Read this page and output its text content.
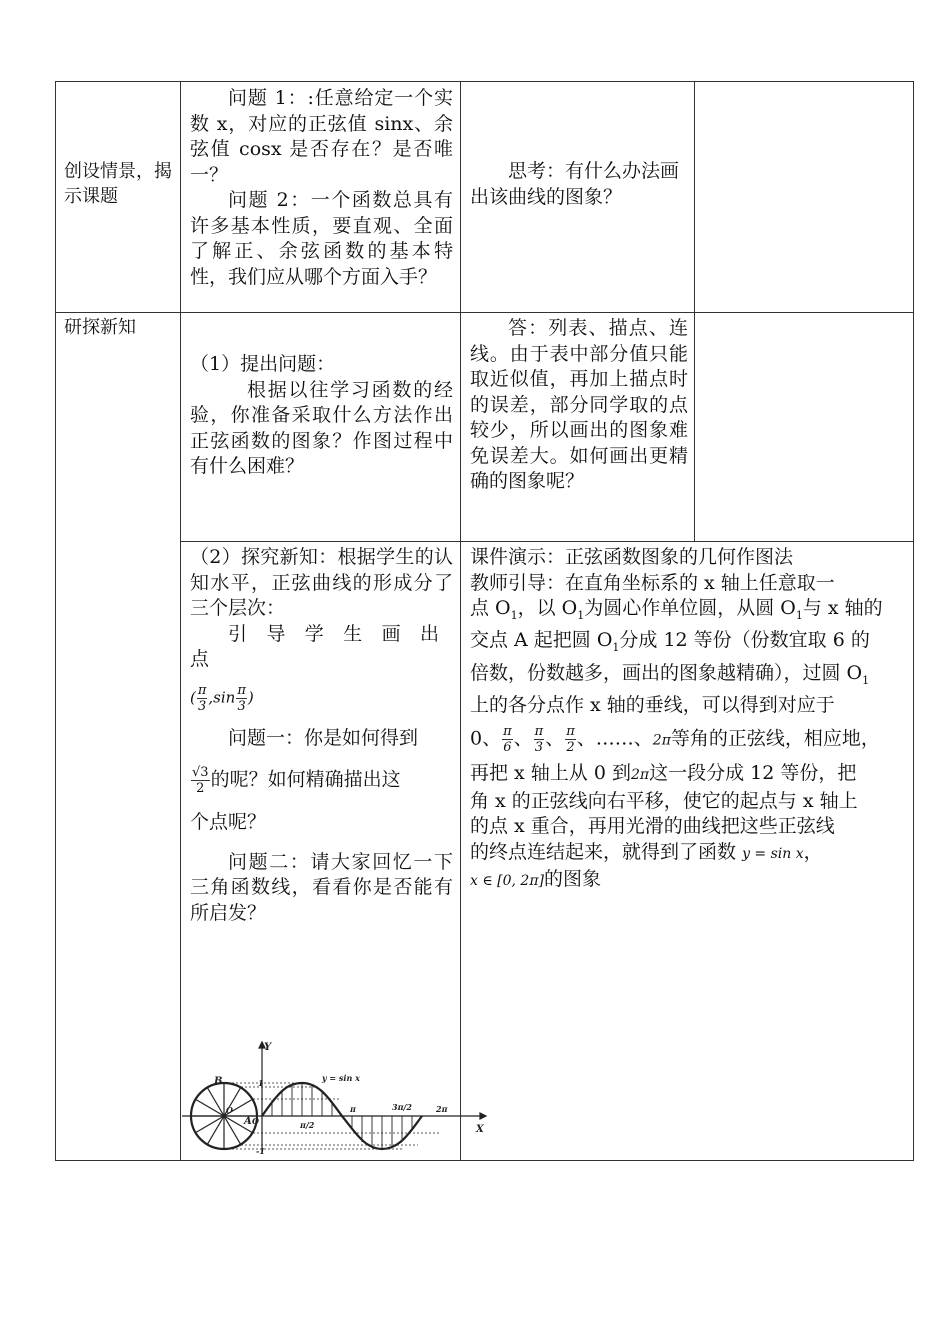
创设情景，揭示课题
问题 1：:任意给定一个实数 x，对应的正弦值 sinx、余弦值 cosx 是否存在？是否唯一？
问题 2：一个函数总具有许多基本性质，要直观、全面了解正、余弦函数的基本特性，我们应从哪个方面入手？
思考：有什么办法画出该曲线的图象？
研探新知
（1）提出问题：
根据以往学习函数的经验，你准备采取什么方法作出正弦函数的图象？作图过程中有什么困难？
答：列表、描点、连线。由于表中部分值只能取近似值，再加上描点时的误差，部分同学取的点较少，所以画出的图象难免误差大。如何画出更精确的图象呢？
（2）探究新知：根据学生的认知水平，正弦曲线的形成分了三个层次：
引导学生画出点
( $\frac{\pi}{3} ,\sin \frac{\pi}{3}$ )
问题一：你是如何得到
$\frac{√3}{2}$ 的呢？如何精确描出这
个点呢？
问题二：请大家回忆一下三角函数线，看看你是否能有所启发？
Y
X
y = sin x
B
A
O
O
1
-1
π/2
π	3π/2	2π
课件演示：正弦函数图象的几何作图法
教师引导：在直角坐标系的 x 轴上任意取一
点 $O_1$，以 $O_1$为圆心作单位圆，从圆 $O_1$与 x 轴的
交点 A 起把圆 $O_1$分成 12 等份（份数宜取 6 的
倍数，份数越多，画出的图象越精确），过圆 $O_1$
上的各分点作 x 轴的垂线，可以得到对应于
0、 $\frac{\pi}{6}$ 、 $\frac{\pi}{3}$ 、 $\frac{\pi}{2}$ 、……、2π等角的正弦线，相应地，
再把 x 轴上从 0 到2π这一段分成 12 等份，把
角 x 的正弦线向右平移，使它的起点与 x 轴上
的点 x 重合，再用光滑的曲线把这些正弦线
的终点连结起来，就得到了函数 y = sin x，
x ∈ [0, 2π]的图象
